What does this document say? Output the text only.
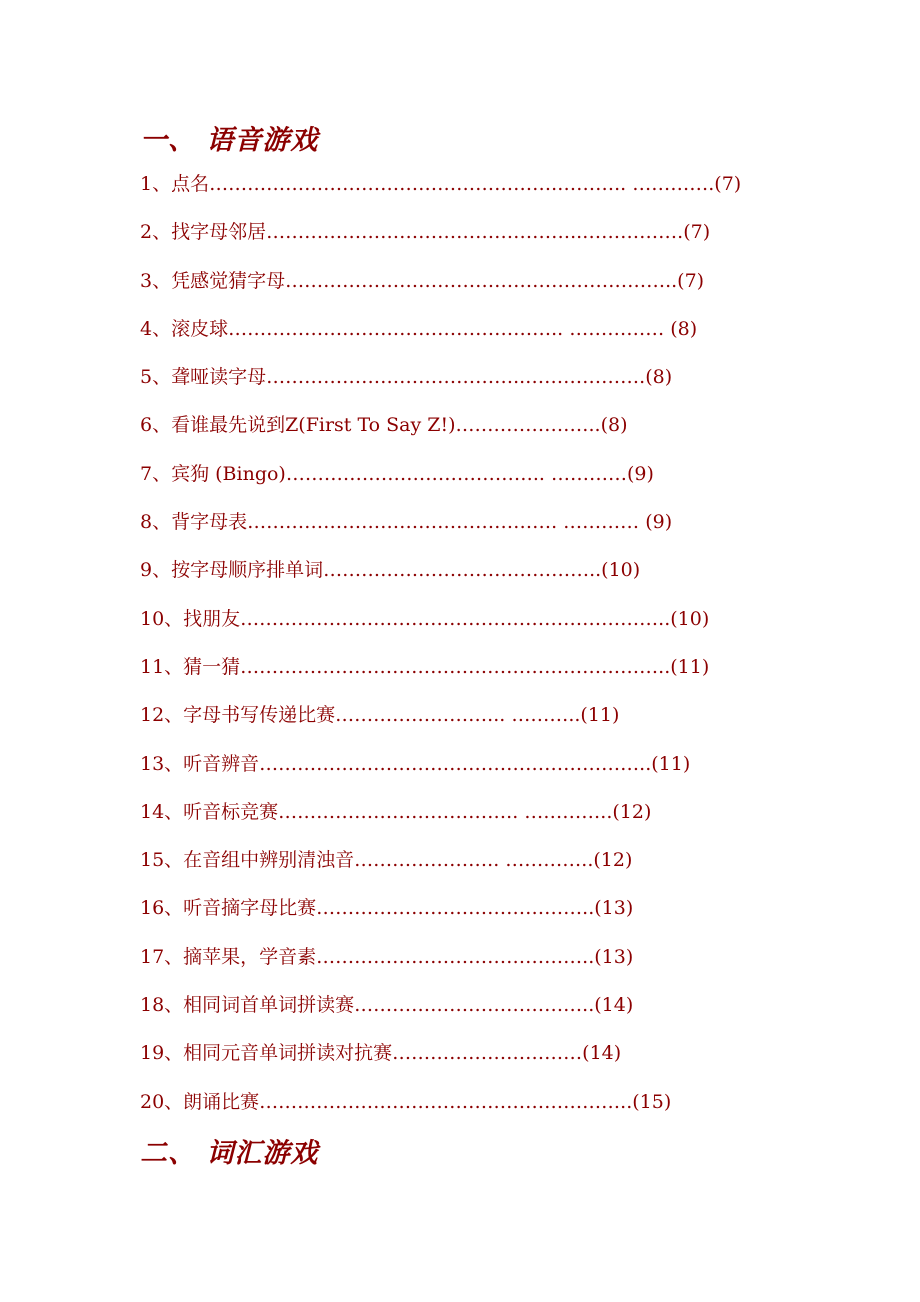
一、 语音游戏
1、点名……………………………………………….……….. ………….(7)
2、找字母邻居…………………………………………..…………….(7)
3、凭感觉猜字母……………………………………………………..(7)
4、滚皮球…………………………………………….. …………… (8)
5、聋哑读字母…………………………………..……………….(8)
6、看谁最先说到Z(First To Say Z!)…………………..(8)
7、宾狗 (Bingo)………………………………….. …………(9)
8、背字母表…………………………………………. ………… (9)
9、按字母顺序排单词……………………………………..(10)
10、找朋友…………………………………………………………..(10)
11、猜一猜…………………………………………………………..(11)
12、字母书写传递比赛……………………... ………..(11)
13、听音辨音……………………………………………………..(11)
14、听音标竞赛……………………………….. …………..(12)
15、在音组中辨别清浊音………………….. …………..(12)
16、听音摘字母比赛……………………………………..(13)
17、摘苹果，学音素……………………………………..(13)
18、相同词首单词拼读赛………………………………..(14)
19、相同元音单词拼读对抗赛…………………………(14)
20、朗诵比赛…………………………………………………..(15)
二、 词汇游戏
